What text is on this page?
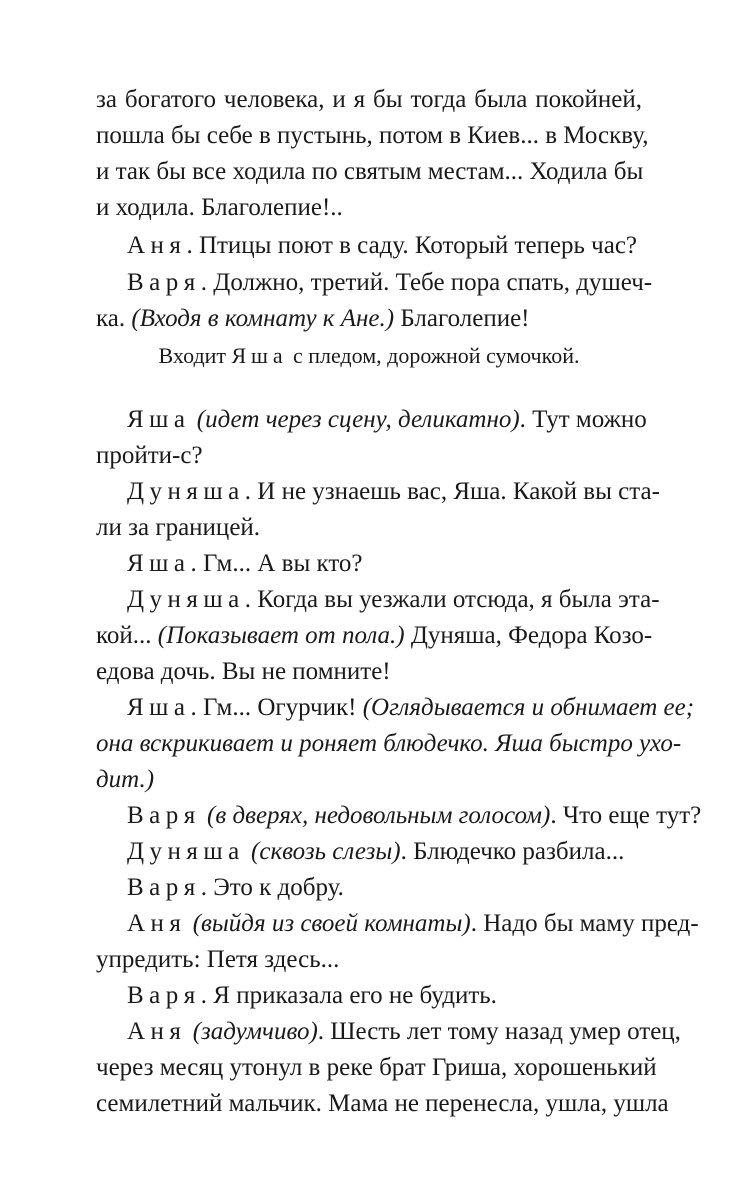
за богатого человека, и я бы тогда была покойней,
пошла бы себе в пустынь, потом в Киев... в Москву,
и так бы все ходила по святым местам... Ходила бы
и ходила. Благолепие!..
Аня. Птицы поют в саду. Который теперь час?
Варя. Должно, третий. Тебе пора спать, душеч-
ка. (Входя в комнату к Ане.) Благолепие!
Входит Яша с пледом, дорожной сумочкой.
Яша (идет через сцену, деликатно). Тут можно
пройти-с?
Дуняша. И не узнаешь вас, Яша. Какой вы ста-
ли за границей.
Яша. Гм... А вы кто?
Дуняша. Когда вы уезжали отсюда, я была эта-
кой... (Показывает от пола.) Дуняша, Федора Козо-
едова дочь. Вы не помните!
Яша. Гм... Огурчик! (Оглядывается и обнимает ее;
она вскрикивает и роняет блюдечко. Яша быстро ухо-
дит.)
Варя (в дверях, недовольным голосом). Что еще тут?
Дуняша (сквозь слезы). Блюдечко разбила...
Варя. Это к добру.
Аня (выйдя из своей комнаты). Надо бы маму пред-
упредить: Петя здесь...
Варя. Я приказала его не будить.
Аня (задумчиво). Шесть лет тому назад умер отец,
через месяц утонул в реке брат Гриша, хорошенький
семилетний мальчик. Мама не перенесла, ушла, ушла
